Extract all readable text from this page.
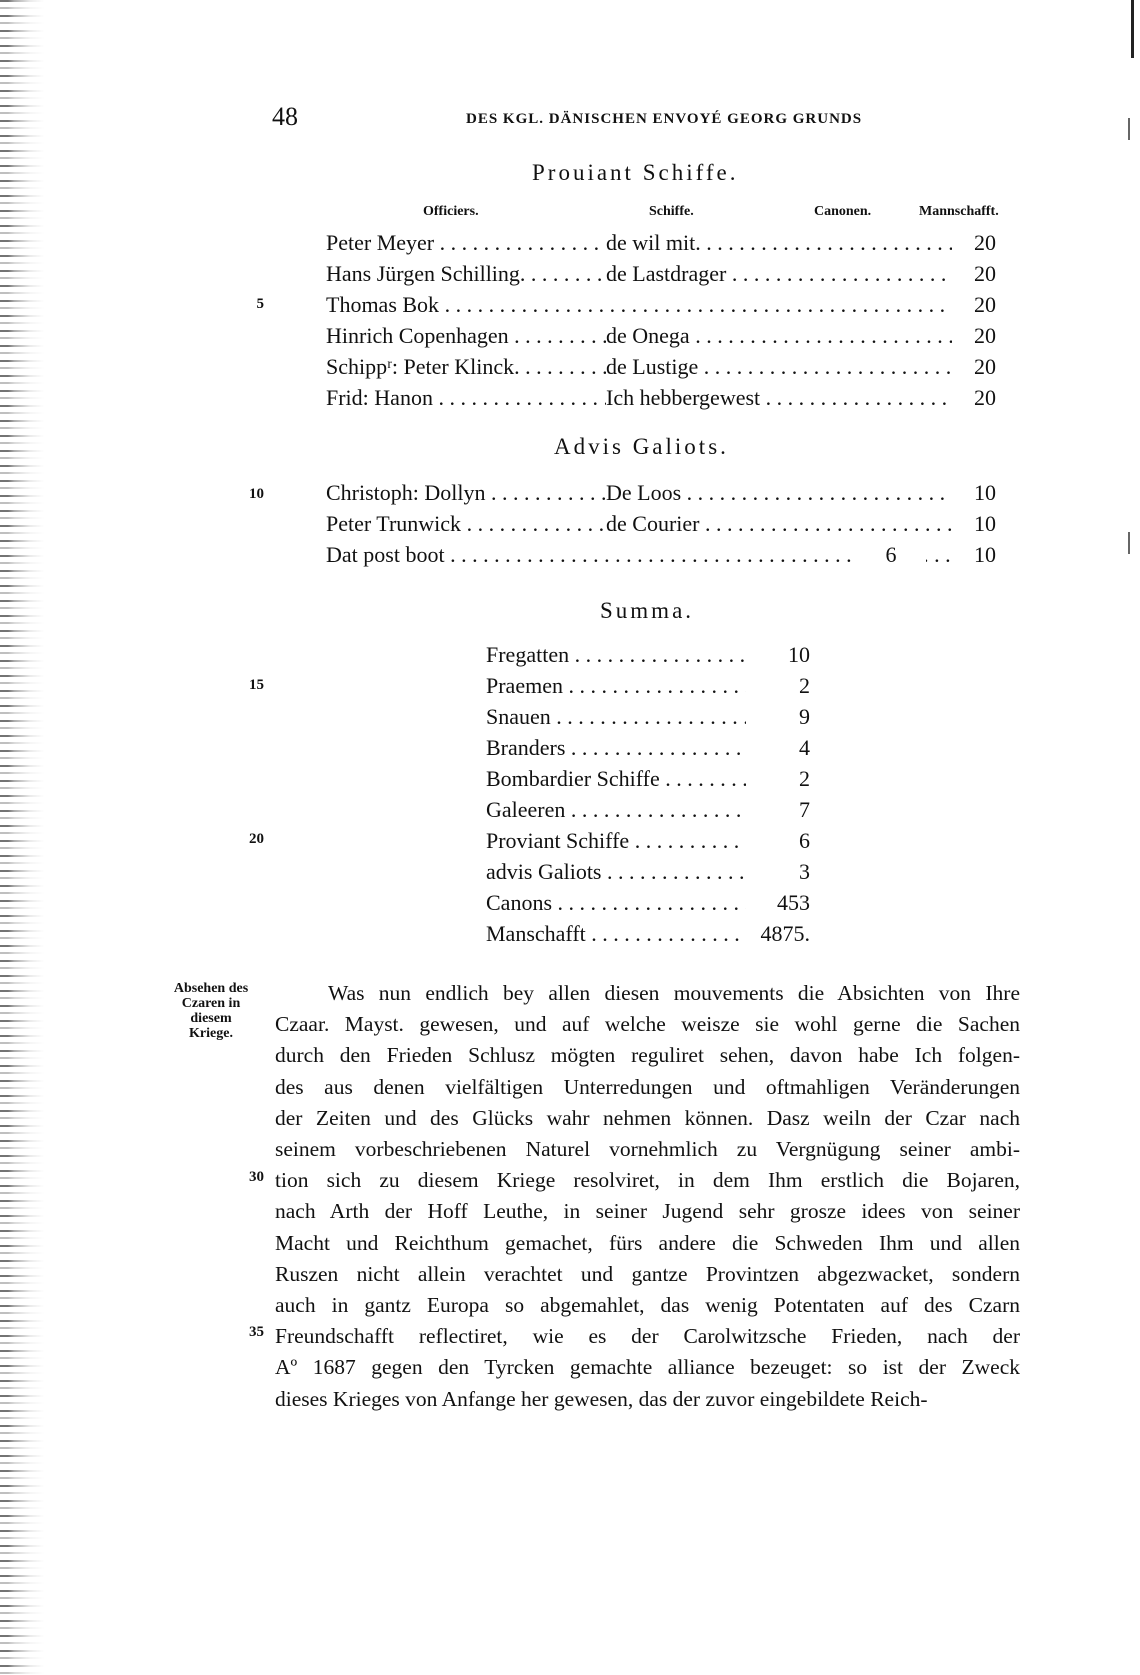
48	DES KGL. DÄNISCHEN ENVOYÉ GEORG GRUNDS
Prouiant Schiffe.
Officiers.	Schiffe.	Canonen.	Mannschafft.
Peter Meyer . . .	de wil mit. . . .	20
Hans Jürgen Schilling. . . .	de Lastdrager . . .	20
Thomas Bok . . . . . .	20
Hinrich Copenhagen . . .	de Onega . . .	20
Schippʳ: Peter Klinck. . . .	de Lustige . . .	20
Frid: Hanon . . .	Ich hebbergewest . . .	20
Advis Galiots.
Christoph: Dollyn . . .	De Loos . . .	10
Peter Trunwick . . .	de Courier . . .	10
Dat post boot . . . . . .	6	10
Summa.
Fregatten . . .	10
Praemen . . .	2
Snauen . . .	9
Branders . . .	4
Bombardier Schiffe . . .	2
Galeeren . . .	7
Proviant Schiffe . . .	6
advis Galiots . . .	3
Canons . . .	453
Manschafft . . .	4875.
5
10
15
20
30
35
Absehen des
Czaren in
diesem
Kriege.
Was nun endlich bey allen diesen mouvements die Absichten von Ihre
Czaar. Mayst. gewesen, und auf welche weisze sie wohl gerne die Sachen
durch den Frieden Schlusz mögten reguliret sehen, davon habe Ich folgen-
des aus denen vielfältigen Unterredungen und oftmahligen Veränderungen
der Zeiten und des Glücks wahr nehmen können. Dasz weiln der Czar nach
seinem vorbeschriebenen Naturel vornehmlich zu Vergnügung seiner ambi-
tion sich zu diesem Kriege resolviret, in dem Ihm erstlich die Bojaren,
nach Arth der Hoff Leuthe, in seiner Jugend sehr grosze idees von seiner
Macht und Reichthum gemachet, fürs andere die Schweden Ihm und allen
Ruszen nicht allein verachtet und gantze Provintzen abgezwacket, sondern
auch in gantz Europa so abgemahlet, das wenig Potentaten auf des Czarn
Freundschafft reflectiret, wie es der Carolwitzsche Frieden, nach der
Aº 1687 gegen den Tyrcken gemachte alliance bezeuget: so ist der Zweck
dieses Krieges von Anfange her gewesen, das der zuvor eingebildete Reich-
